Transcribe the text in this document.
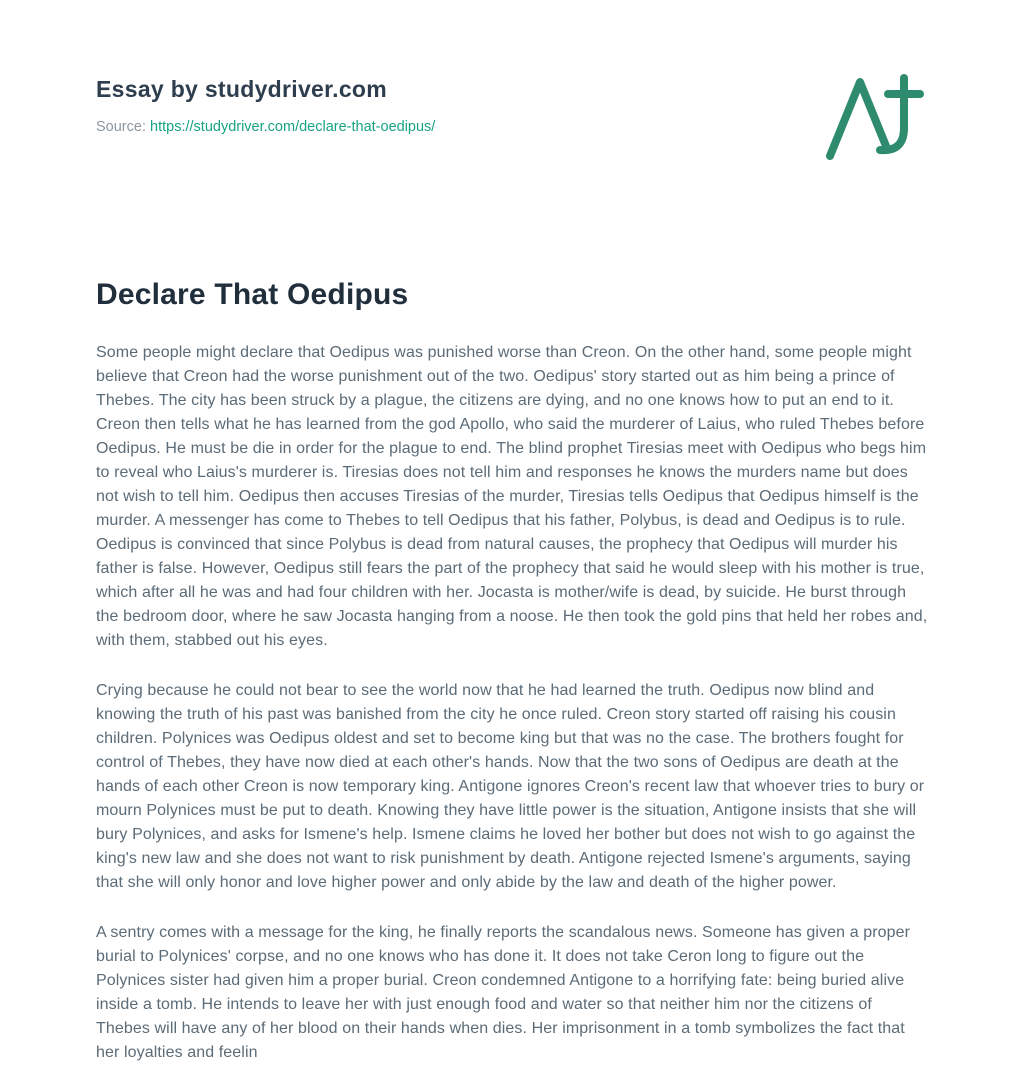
Essay by studydriver.com
Source: https://studydriver.com/declare-that-oedipus/
Declare That Oedipus

Some people might declare that Oedipus was punished worse than Creon. On the other hand, some people might believe that Creon had the worse punishment out of the two. Oedipus' story started out as him being a prince of Thebes. The city has been struck by a plague, the citizens are dying, and no one knows how to put an end to it. Creon then tells what he has learned from the god Apollo, who said the murderer of Laius, who ruled Thebes before Oedipus. He must be die in order for the plague to end. The blind prophet Tiresias meet with Oedipus who begs him to reveal who Laius's murderer is. Tiresias does not tell him and responses he knows the murders name but does not wish to tell him. Oedipus then accuses Tiresias of the murder, Tiresias tells Oedipus that Oedipus himself is the murder. A messenger has come to Thebes to tell Oedipus that his father, Polybus, is dead and Oedipus is to rule. Oedipus is convinced that since Polybus is dead from natural causes, the prophecy that Oedipus will murder his father is false. However, Oedipus still fears the part of the prophecy that said he would sleep with his mother is true, which after all he was and had four children with her. Jocasta is mother/wife is dead, by suicide. He burst through the bedroom door, where he saw Jocasta hanging from a noose. He then took the gold pins that held her robes and, with them, stabbed out his eyes.

Crying because he could not bear to see the world now that he had learned the truth. Oedipus now blind and knowing the truth of his past was banished from the city he once ruled. Creon story started off raising his cousin children. Polynices was Oedipus oldest and set to become king but that was no the case. The brothers fought for control of Thebes, they have now died at each other's hands. Now that the two sons of Oedipus are death at the hands of each other Creon is now temporary king. Antigone ignores Creon's recent law that whoever tries to bury or mourn Polynices must be put to death. Knowing they have little power is the situation, Antigone insists that she will bury Polynices, and asks for Ismene's help. Ismene claims he loved her bother but does not wish to go against the king's new law and she does not want to risk punishment by death. Antigone rejected Ismene's arguments, saying that she will only honor and love higher power and only abide by the law and death of the higher power.

A sentry comes with a message for the king, he finally reports the scandalous news. Someone has given a proper burial to Polynices' corpse, and no one knows who has done it. It does not take Ceron long to figure out the Polynices sister had given him a proper burial. Creon condemned Antigone to a horrifying fate: being buried alive inside a tomb. He intends to leave her with just enough food and water so that neither him nor the citizens of Thebes will have any of her blood on their hands when dies. Her imprisonment in a tomb symbolizes the fact that her loyalties and feelin
